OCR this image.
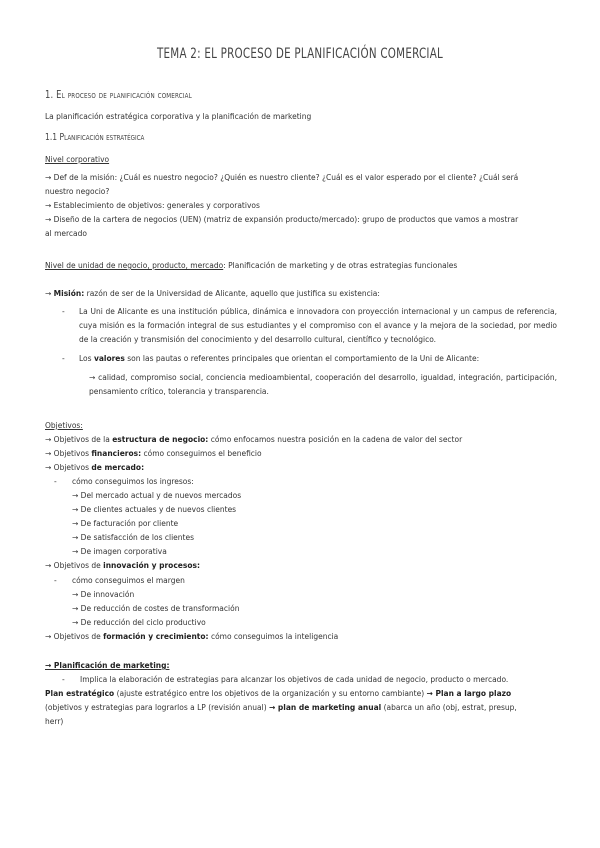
TEMA 2: EL PROCESO DE PLANIFICACIÓN COMERCIAL
1. El proceso de planificación comercial
La planificación estratégica corporativa y la planificación de marketing
1.1 Planificación estratégica
Nivel corporativo
→ Def de la misión: ¿Cuál es nuestro negocio? ¿Quién es nuestro cliente? ¿Cuál es el valor esperado por el cliente? ¿Cuál será
nuestro negocio?
→ Establecimiento de objetivos: generales y corporativos
→ Diseño de la cartera de negocios (UEN) (matriz de expansión producto/mercado): grupo de productos que vamos a mostrar
al mercado
Nivel de unidad de negocio, producto, mercado: Planificación de marketing y de otras estrategias funcionales
→ Misión: razón de ser de la Universidad de Alicante, aquello que justifica su existencia:
- La Uni de Alicante es una institución pública, dinámica e innovadora con proyección internacional y un campus de referencia, cuya misión es la formación integral de sus estudiantes y el compromiso con el avance y la mejora de la sociedad, por medio de la creación y transmisión del conocimiento y del desarrollo cultural, científico y tecnológico.
- Los valores son las pautas o referentes principales que orientan el comportamiento de la Uni de Alicante:
→ calidad, compromiso social, conciencia medioambiental, cooperación del desarrollo, igualdad, integración, participación, pensamiento crítico, tolerancia y transparencia.
Objetivos:
→ Objetivos de la estructura de negocio: cómo enfocamos nuestra posición en la cadena de valor del sector
→ Objetivos financieros: cómo conseguimos el beneficio
→ Objetivos de mercado:
- cómo conseguimos los ingresos:
→ Del mercado actual y de nuevos mercados
→ De clientes actuales y de nuevos clientes
→ De facturación por cliente
→ De satisfacción de los clientes
→ De imagen corporativa
→ Objetivos de innovación y procesos:
- cómo conseguimos el margen
→ De innovación
→ De reducción de costes de transformación
→ De reducción del ciclo productivo
→ Objetivos de formación y crecimiento: cómo conseguimos la inteligencia
→ Planificación de marketing:
- Implica la elaboración de estrategias para alcanzar los objetivos de cada unidad de negocio, producto o mercado.
Plan estratégico (ajuste estratégico entre los objetivos de la organización y su entorno cambiante) → Plan a largo plazo
(objetivos y estrategias para lograrlos a LP (revisión anual) → plan de marketing anual (abarca un año (obj, estrat, presup,
herr)
